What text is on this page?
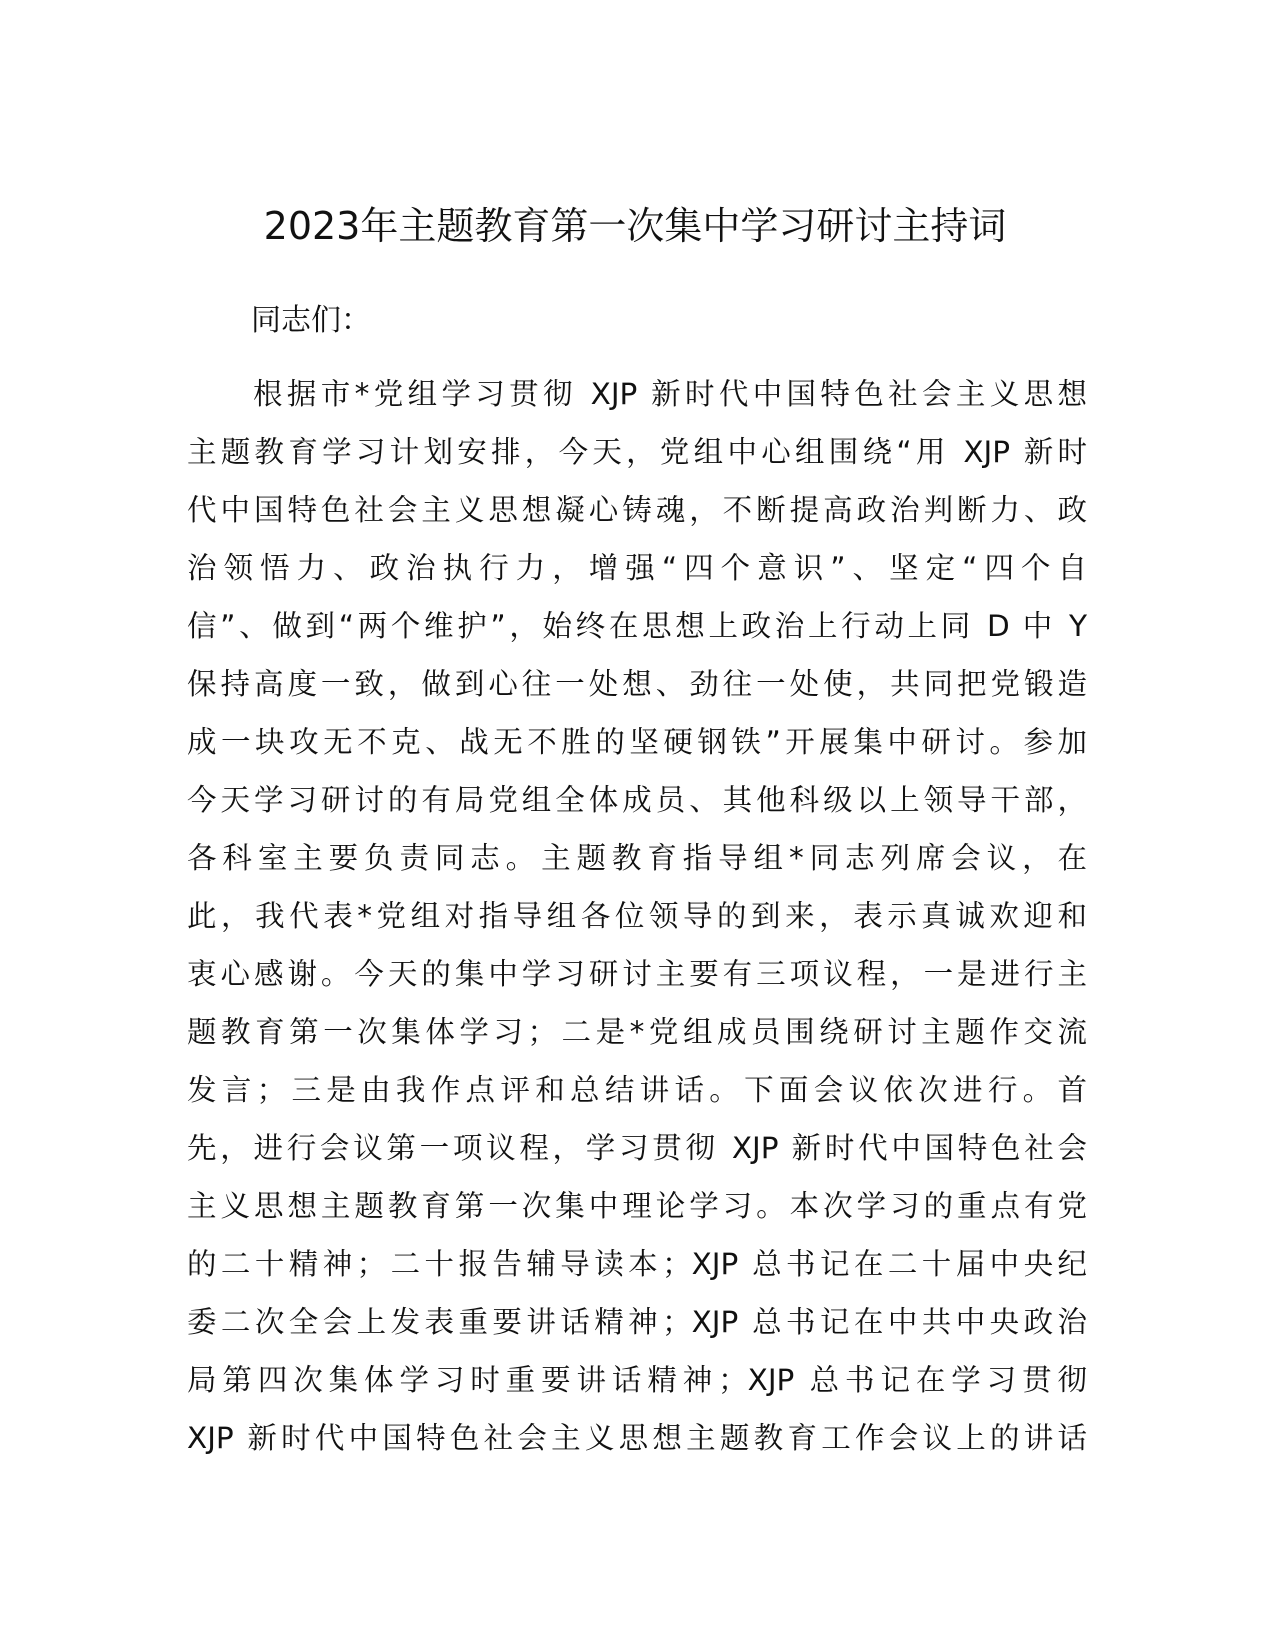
2023年主题教育第一次集中学习研讨主持词
同志们：
根据市*党组学习贯彻 XJP 新时代中国特色社会主义思想
主题教育学习计划安排，今天，党组中心组围绕“用 XJP 新时
代中国特色社会主义思想凝心铸魂，不断提高政治判断力、政
治领悟力、政治执行力，增强“四个意识”、坚定“四个自
信”、做到“两个维护”，始终在思想上政治上行动上同 D 中 Y
保持高度一致，做到心往一处想、劲往一处使，共同把党锻造
成一块攻无不克、战无不胜的坚硬钢铁”开展集中研讨。参加
今天学习研讨的有局党组全体成员、其他科级以上领导干部，
各科室主要负责同志。主题教育指导组*同志列席会议，在
此，我代表*党组对指导组各位领导的到来，表示真诚欢迎和
衷心感谢。今天的集中学习研讨主要有三项议程，一是进行主
题教育第一次集体学习；二是*党组成员围绕研讨主题作交流
发言；三是由我作点评和总结讲话。下面会议依次进行。首
先，进行会议第一项议程，学习贯彻 XJP 新时代中国特色社会
主义思想主题教育第一次集中理论学习。本次学习的重点有党
的二十精神；二十报告辅导读本；XJP 总书记在二十届中央纪
委二次全会上发表重要讲话精神；XJP 总书记在中共中央政治
局第四次集体学习时重要讲话精神；XJP 总书记在学习贯彻
XJP 新时代中国特色社会主义思想主题教育工作会议上的讲话
